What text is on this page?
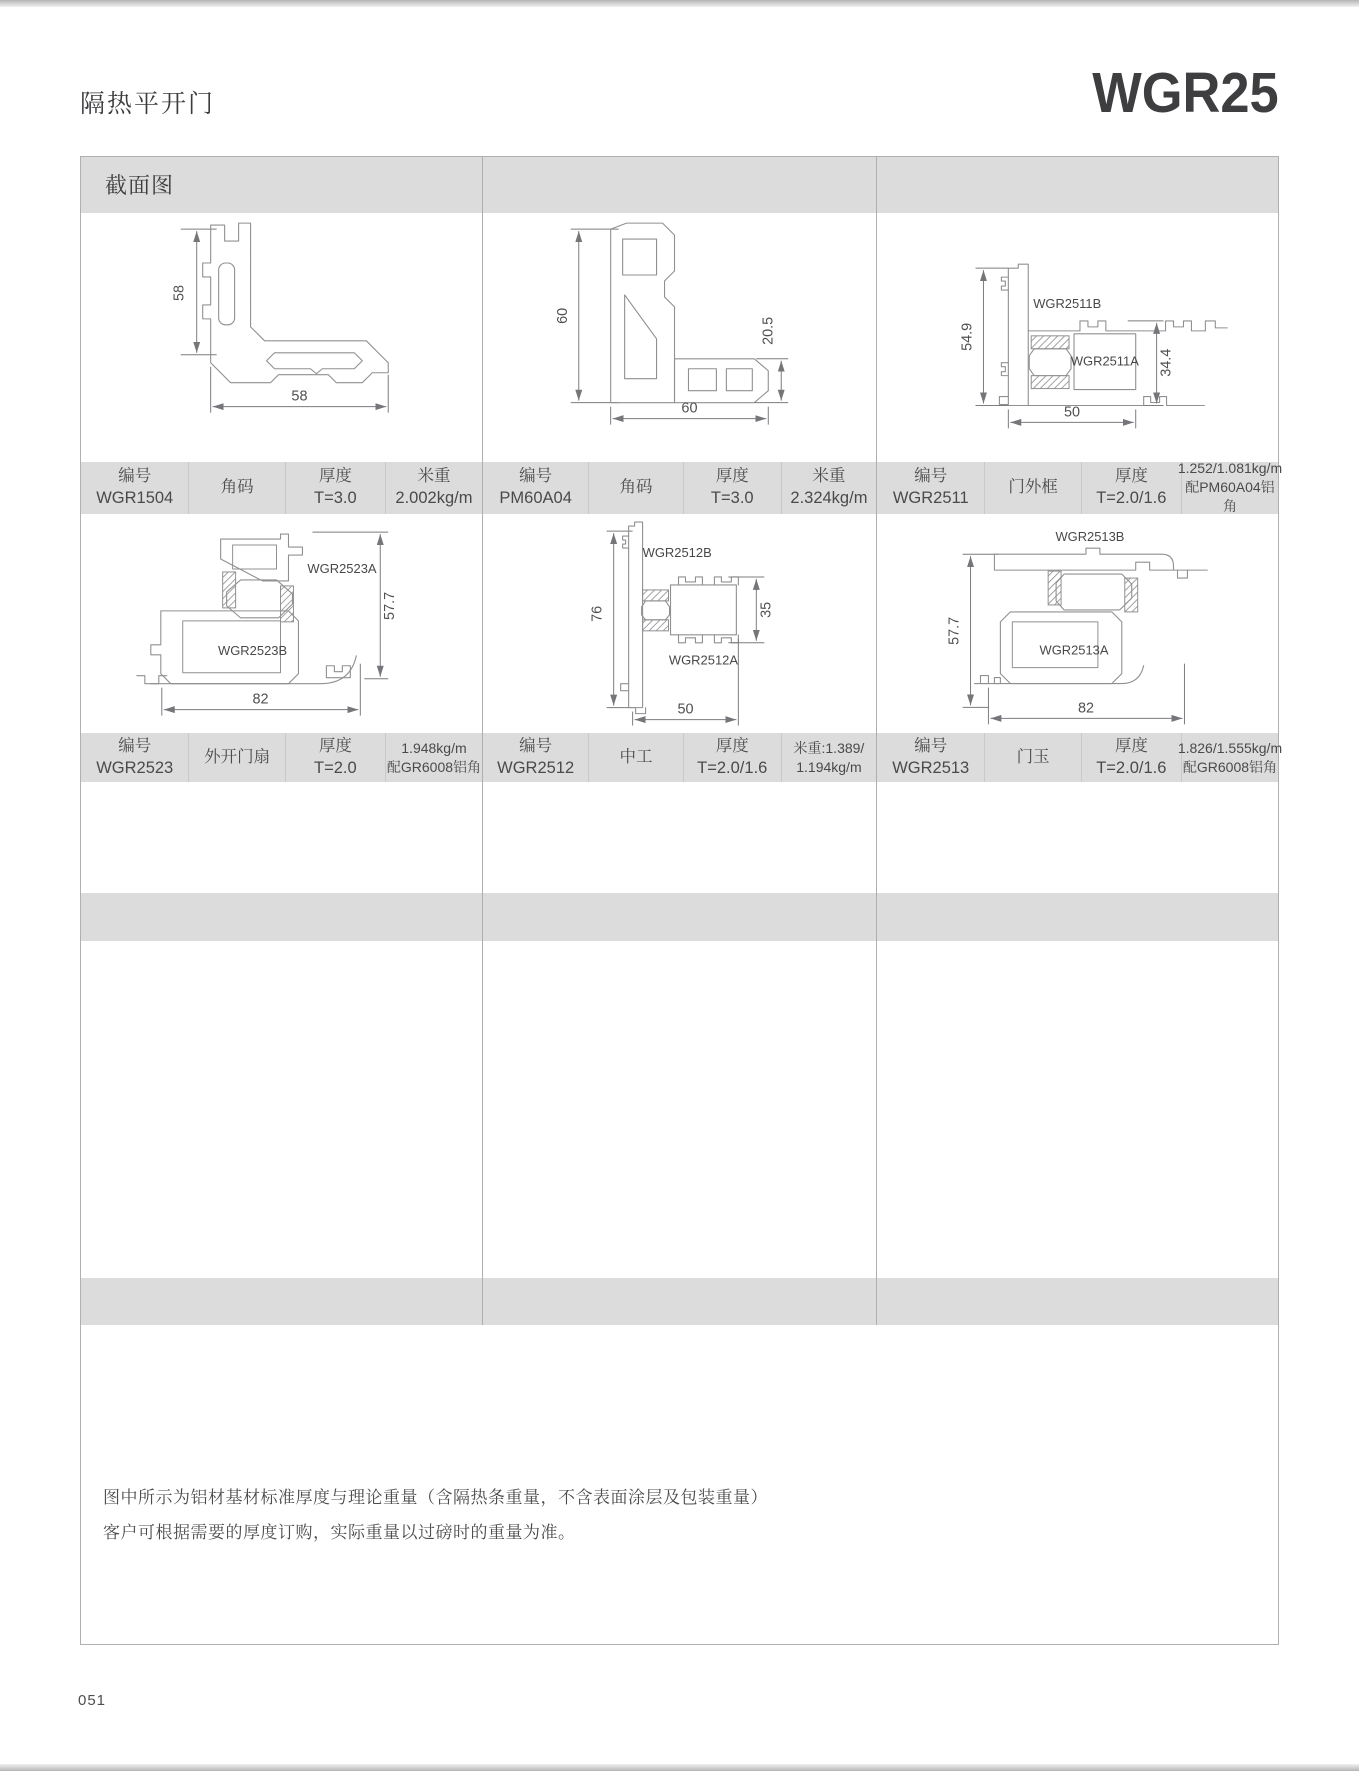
隔热平开门	WGR25
截面图
58
58
60
20.5
60
54.9
WGR2511A
WGR2511B
34.4
50
编号
WGR1504
角码
厚度
T=3.0
米重
2.002kg/m
编号
PM60A04
角码
厚度
T=3.0
米重
2.324kg/m
编号
WGR2511
门外框
厚度
T=2.0/1.6
1.252/1.081kg/m
配PM60A04铝角
57.7
WGR2523A
WGR2523B
82
76
WGR2512B
WGR2512A
35
50
WGR2513B
57.7
WGR2513A
82
编号
WGR2523
外开门扇
厚度
T=2.0
1.948kg/m
配GR6008铝角
编号
WGR2512
中工
厚度
T=2.0/1.6
米重:1.389/
1.194kg/m
编号
WGR2513
门玉
厚度
T=2.0/1.6
1.826/1.555kg/m
配GR6008铝角
图中所示为铝材基材标准厚度与理论重量（含隔热条重量，不含表面涂层及包装重量）
客户可根据需要的厚度订购，实际重量以过磅时的重量为准。
051
